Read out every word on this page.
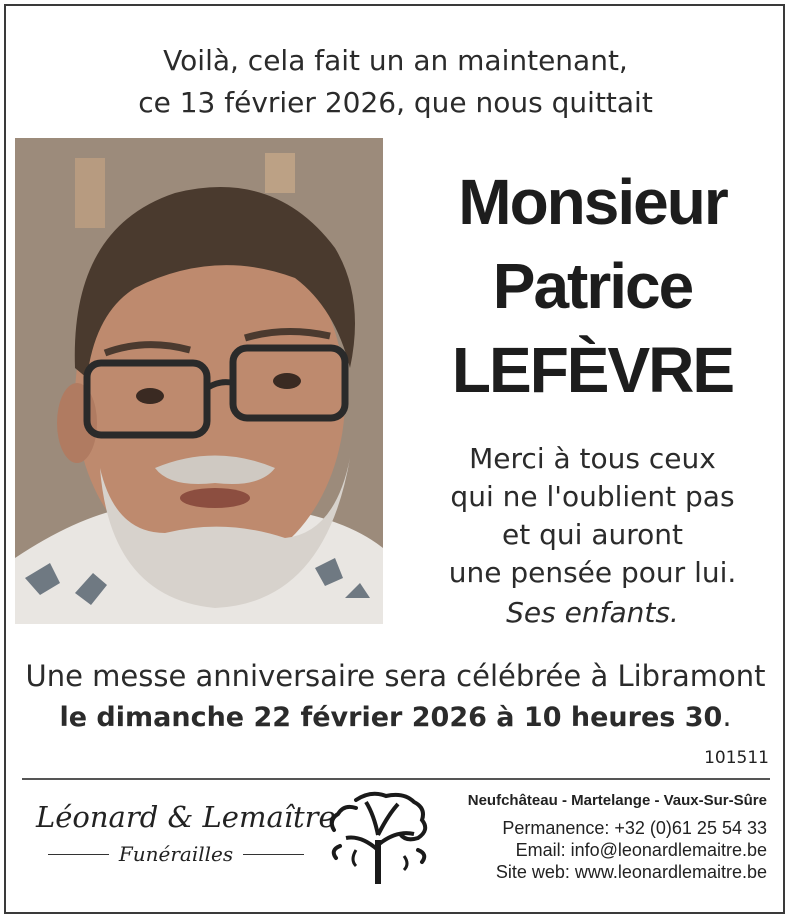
Voilà, cela fait un an maintenant,
ce 13 février 2026, que nous quittait
Monsieur
Patrice
LEFÈVRE
Merci à tous ceux
qui ne l'oublient pas
et qui auront
une pensée pour lui.
Ses enfants.
Une messe anniversaire sera célébrée à Libramont
le dimanche 22 février 2026 à 10 heures 30.
101511
Léonard & Lemaître
Funérailles
Neufchâteau - Martelange - Vaux-Sur-Sûre
Permanence: +32 (0)61 25 54 33
Email: info@leonardlemaitre.be
Site web: www.leonardlemaitre.be
